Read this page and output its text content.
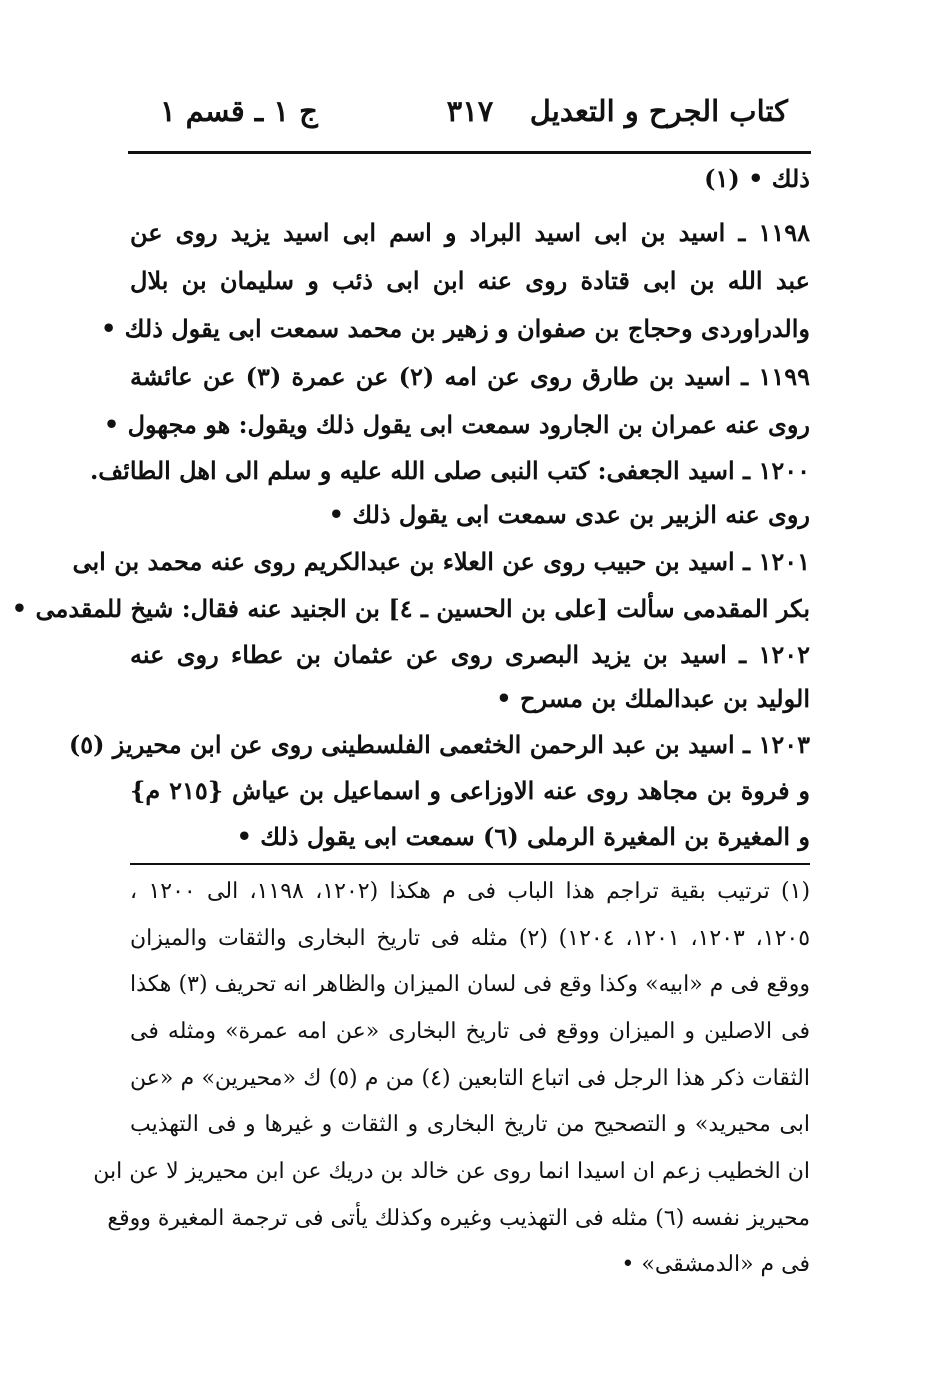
كتاب الجرح و التعديل
٣١٧
ج ١ ـ قسم ١
ذلك • (١)
١١٩٨ ـ اسيد بن ابى اسيد البراد و اسم ابى اسيد يزيد روى عن
عبد الله بن ابى قتادة روى عنه ابن ابى ذئب و سليمان بن بلال
والدراوردى وحجاج بن صفوان و زهير بن محمد سمعت ابى يقول ذلك •
١١٩٩ ـ اسيد بن طارق روى عن امه (٢) عن عمرة (٣) عن عائشة
روى عنه عمران بن الجارود سمعت ابى يقول ذلك ويقول: هو مجهول •
١٢٠٠ ـ اسيد الجعفى: كتب النبى صلى الله عليه و سلم الى اهل الطائف.
روى عنه الزبير بن عدى سمعت ابى يقول ذلك •
١٢٠١ ـ اسيد بن حبيب روى عن العلاء بن عبدالكريم روى عنه محمد بن ابى
بكر المقدمى سألت [على بن الحسين ـ ٤] بن الجنيد عنه فقال: شيخ للمقدمى •
١٢٠٢ ـ اسيد بن يزيد البصرى روى عن عثمان بن عطاء روى عنه
الوليد بن عبدالملك بن مسرح •
١٢٠٣ ـ اسيد بن عبد الرحمن الخثعمى الفلسطينى روى عن ابن محيريز (٥)
و فروة بن مجاهد روى عنه الاوزاعى و اسماعيل بن عياش {٢١٥ م}
و المغيرة بن المغيرة الرملى (٦) سمعت ابى يقول ذلك •
(١) ترتيب بقية تراجم هذا الباب فى م هكذا (١٢٠٢، ١١٩٨، الى ١٢٠٠ ،
١٢٠٥، ١٢٠٣، ١٢٠١، ١٢٠٤) (٢) مثله فى تاريخ البخارى والثقات والميزان
ووقع فى م «ابيه» وكذا وقع فى لسان الميزان والظاهر انه تحريف (٣) هكذا
فى الاصلين و الميزان ووقع فى تاريخ البخارى «عن امه عمرة» ومثله فى
الثقات ذكر هذا الرجل فى اتباع التابعين (٤) من م (٥) ك «محيرين» م «عن
ابى محيريد» و التصحيح من تاريخ البخارى و الثقات و غيرها و فى التهذيب
ان الخطيب زعم ان اسيدا انما روى عن خالد بن دريك عن ابن محيريز لا عن ابن
محيريز نفسه (٦) مثله فى التهذيب وغيره وكذلك يأتى فى ترجمة المغيرة ووقع
فى م «الدمشقى» •
